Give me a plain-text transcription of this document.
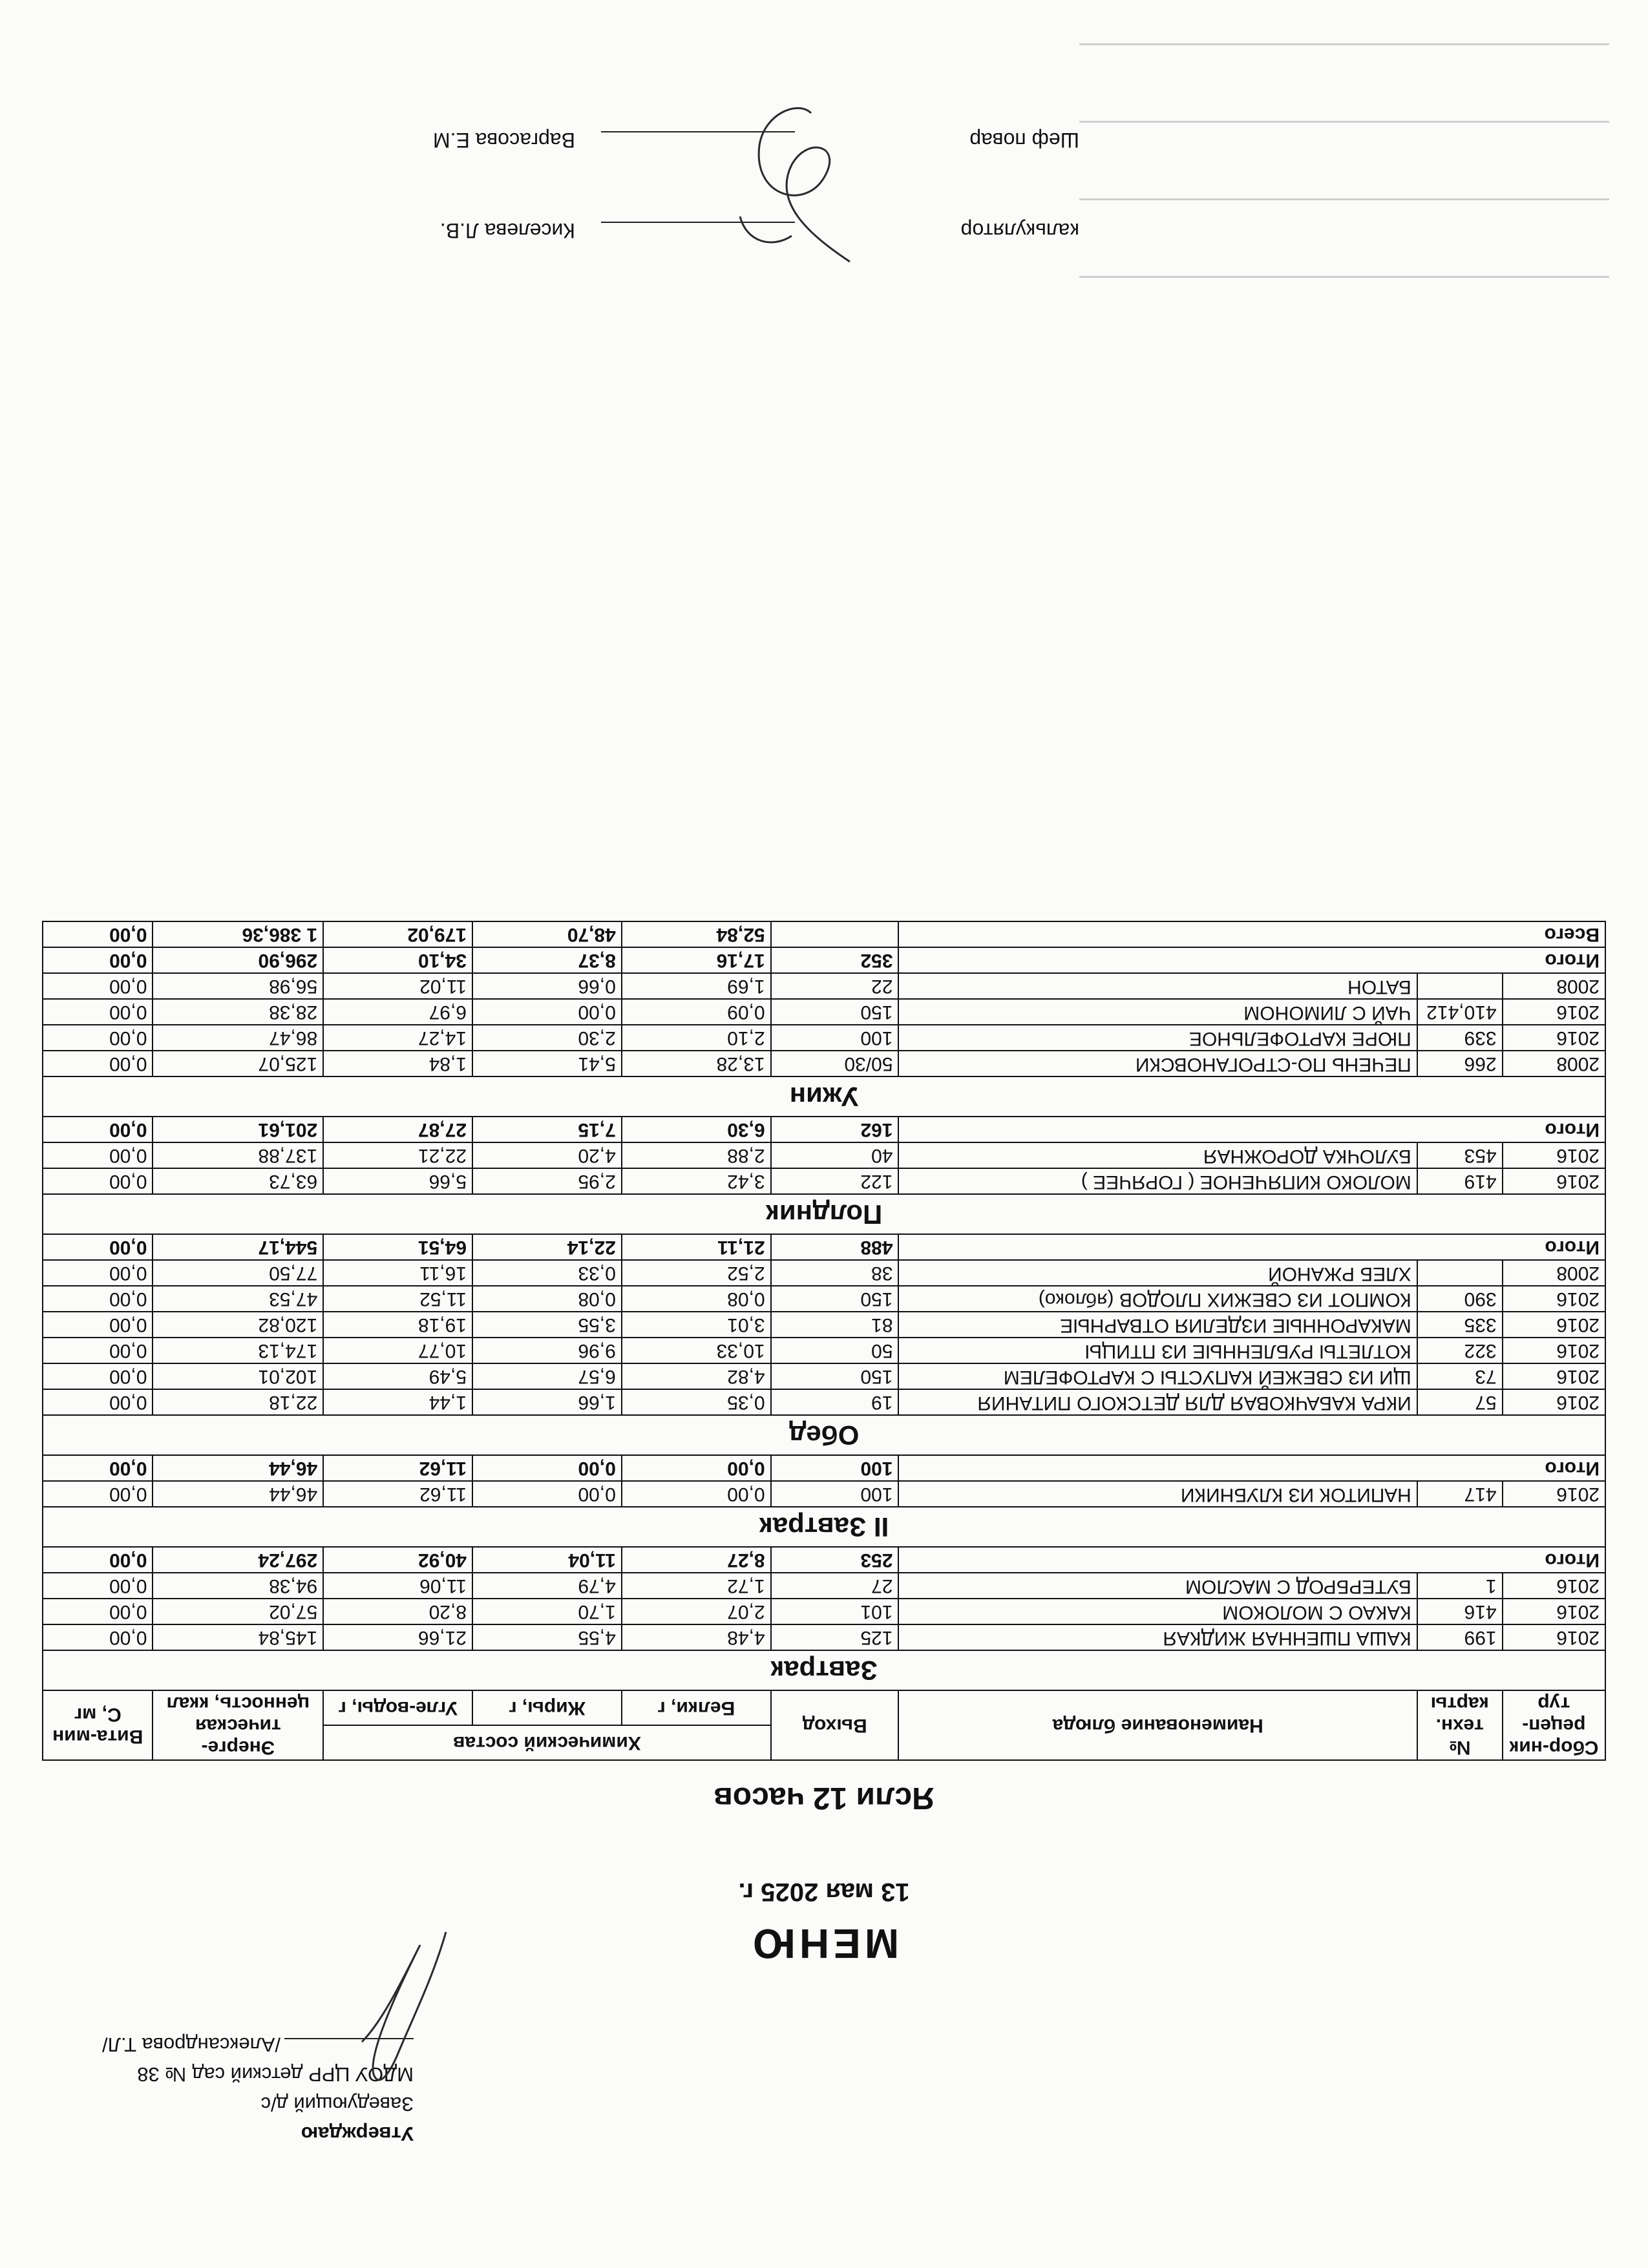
Утверждаю
Заведующий д/с
МДОУ ЦРР детский сад № 38
/Александрова Т.Л/
МЕНЮ
13 мая 2025 г.
Ясли 12 часов
Сбор-ник рецеп-тур	№ техн. карты	Наименование блюда	Выход	Химический состав			Энерге-тическая ценность, ккал	Вита-мин С, мг
				Белки, г	Жиры, г	Угле-воды, г		
Завтрак								
2016	199	КАША ПШЕННАЯ ЖИДКАЯ	125	4,48	4,55	21,66	145,84	0,00
2016	416	КАКАО С МОЛОКОМ	101	2,07	1,70	8,20	57,02	0,00
2016	1	БУТЕРБРОД С МАСЛОМ	27	1,72	4,79	11,06	94,38	0,00
Итого			253	8,27	11,04	40,92	297,24	0,00
II Завтрак								
2016	417	НАПИТОК ИЗ КЛУБНИКИ	100	0,00	0,00	11,62	46,44	0,00
Итого			100	0,00	0,00	11,62	46,44	0,00
Обед								
2016	57	ИКРА КАБАЧКОВАЯ ДЛЯ ДЕТСКОГО ПИТАНИЯ	19	0,35	1,66	1,44	22,18	0,00
2016	73	ЩИ ИЗ СВЕЖЕЙ КАПУСТЫ С КАРТОФЕЛЕМ	150	4,82	6,57	5,49	102,01	0,00
2016	322	КОТЛЕТЫ РУБЛЕННЫЕ ИЗ ПТИЦЫ	50	10,33	9,96	10,77	174,13	0,00
2016	335	МАКАРОННЫЕ ИЗДЕЛИЯ ОТВАРНЫЕ	81	3,01	3,55	19,18	120,82	0,00
2016	390	КОМПОТ ИЗ СВЕЖИХ ПЛОДОВ (яблоко)	150	0,08	0,08	11,52	47,53	0,00
2008		ХЛЕБ РЖАНОЙ	38	2,52	0,33	16,11	77,50	0,00
Итого			488	21,11	22,14	64,51	544,17	0,00
Полдник								
2016	419	МОЛОКО КИПЯЧЕНОЕ ( ГОРЯЧЕЕ )	122	3,42	2,95	5,66	63,73	0,00
2016	453	БУЛОЧКА ДОРОЖНАЯ	40	2,88	4,20	22,21	137,88	0,00
Итого			162	6,30	7,15	27,87	201,61	0,00
Ужин								
2008	266	ПЕЧЕНЬ ПО-СТРОГАНОВСКИ	50/30	13,28	5,41	1,84	125,07	0,00
2016	339	ПЮРЕ КАРТОФЕЛЬНОЕ	100	2,10	2,30	14,27	86,47	0,00
2016	410,412	ЧАЙ С ЛИМОНОМ	150	0,09	0,00	6,97	28,38	0,00
2008		БАТОН	22	1,69	0,66	11,02	56,98	0,00
Итого			352	17,16	8,37	34,10	296,90	0,00
Всего				52,84	48,70	179,02	1 386,36	0,00
калькулятор
Киселева Л.В.
Шеф повар
Варгасова Е.М
